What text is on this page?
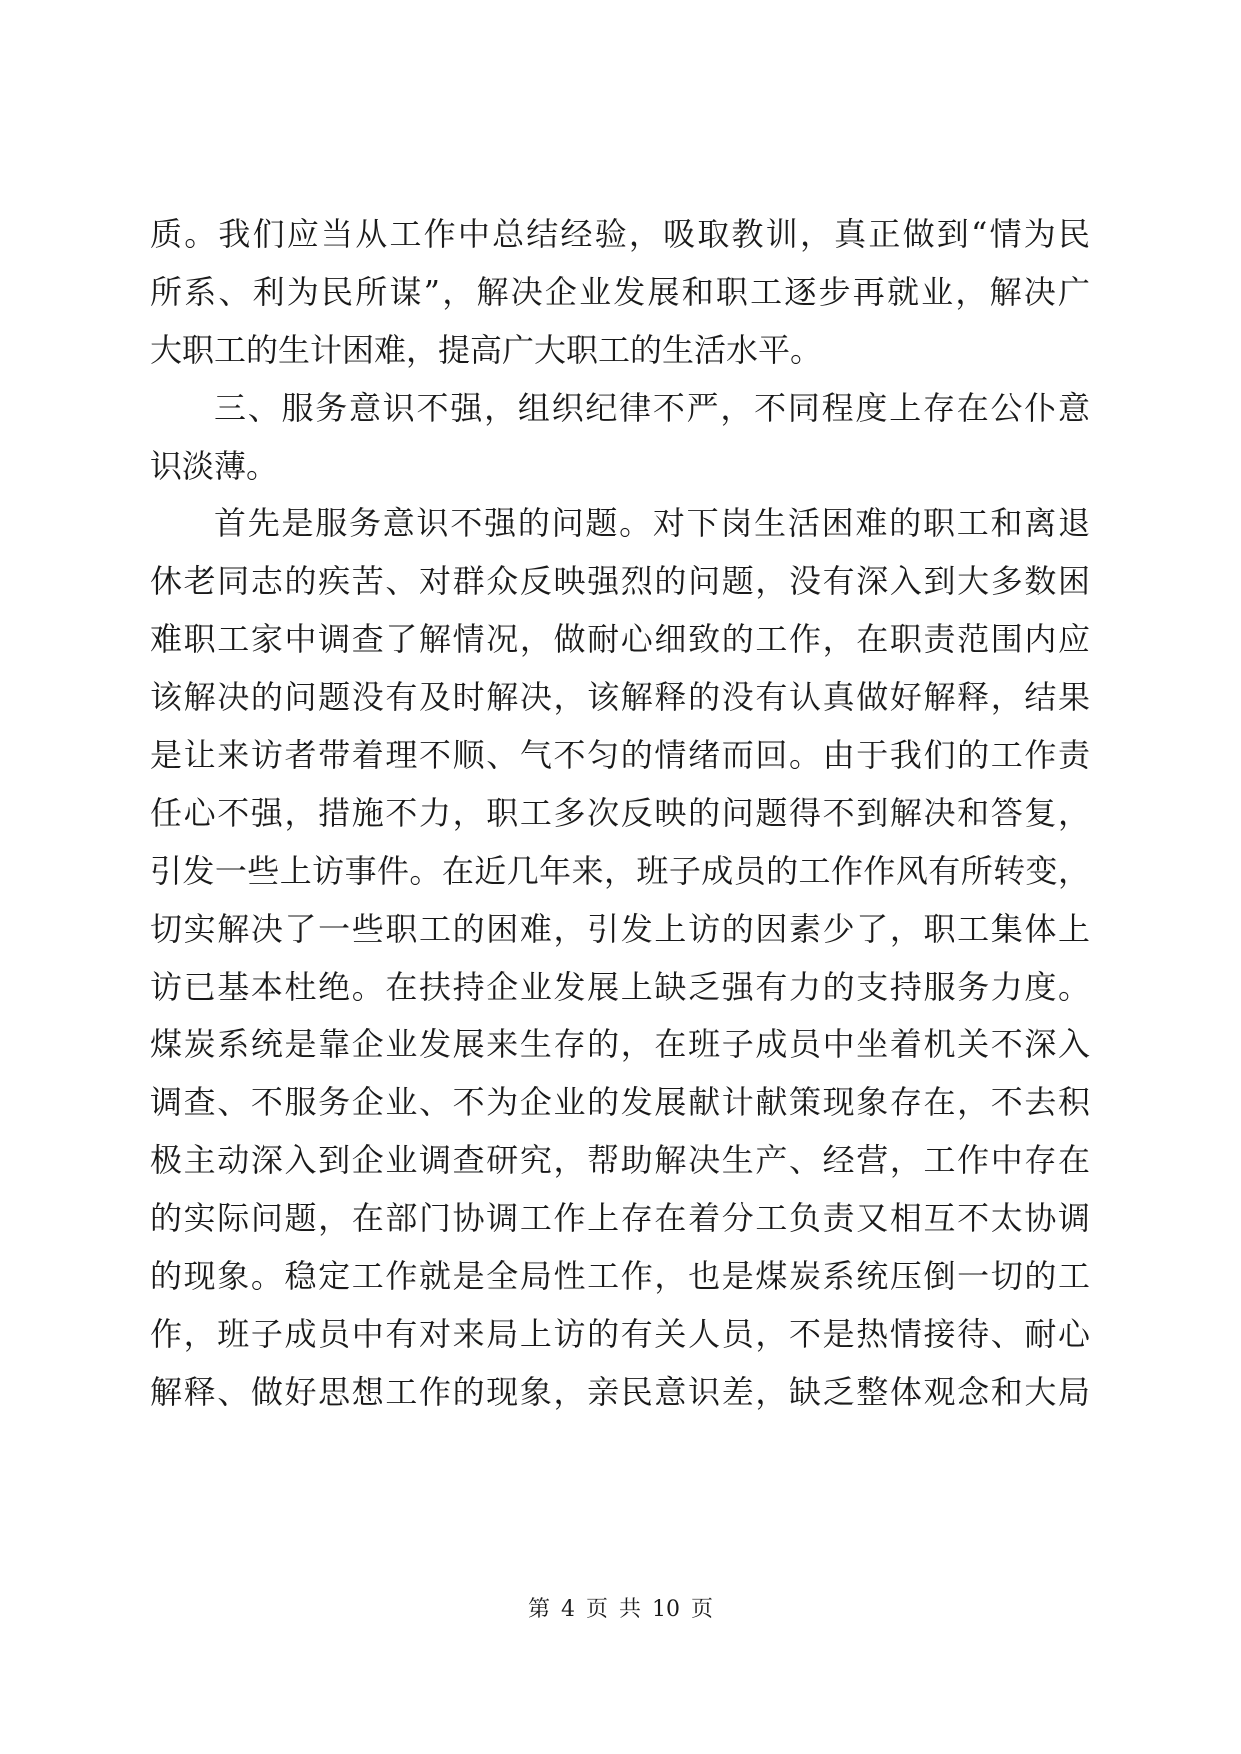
质。我们应当从工作中总结经验，吸取教训，真正做到“情为民
所系、利为民所谋”，解决企业发展和职工逐步再就业，解决广
大职工的生计困难，提高广大职工的生活水平。
三、服务意识不强，组织纪律不严，不同程度上存在公仆意
识淡薄。
首先是服务意识不强的问题。对下岗生活困难的职工和离退
休老同志的疾苦、对群众反映强烈的问题，没有深入到大多数困
难职工家中调查了解情况，做耐心细致的工作，在职责范围内应
该解决的问题没有及时解决，该解释的没有认真做好解释，结果
是让来访者带着理不顺、气不匀的情绪而回。由于我们的工作责
任心不强，措施不力，职工多次反映的问题得不到解决和答复，
引发一些上访事件。在近几年来，班子成员的工作作风有所转变，
切实解决了一些职工的困难，引发上访的因素少了，职工集体上
访已基本杜绝。在扶持企业发展上缺乏强有力的支持服务力度。
煤炭系统是靠企业发展来生存的，在班子成员中坐着机关不深入
调查、不服务企业、不为企业的发展献计献策现象存在，不去积
极主动深入到企业调查研究，帮助解决生产、经营，工作中存在
的实际问题，在部门协调工作上存在着分工负责又相互不太协调
的现象。稳定工作就是全局性工作，也是煤炭系统压倒一切的工
作，班子成员中有对来局上访的有关人员，不是热情接待、耐心
解释、做好思想工作的现象，亲民意识差，缺乏整体观念和大局
第 4 页 共 10 页
